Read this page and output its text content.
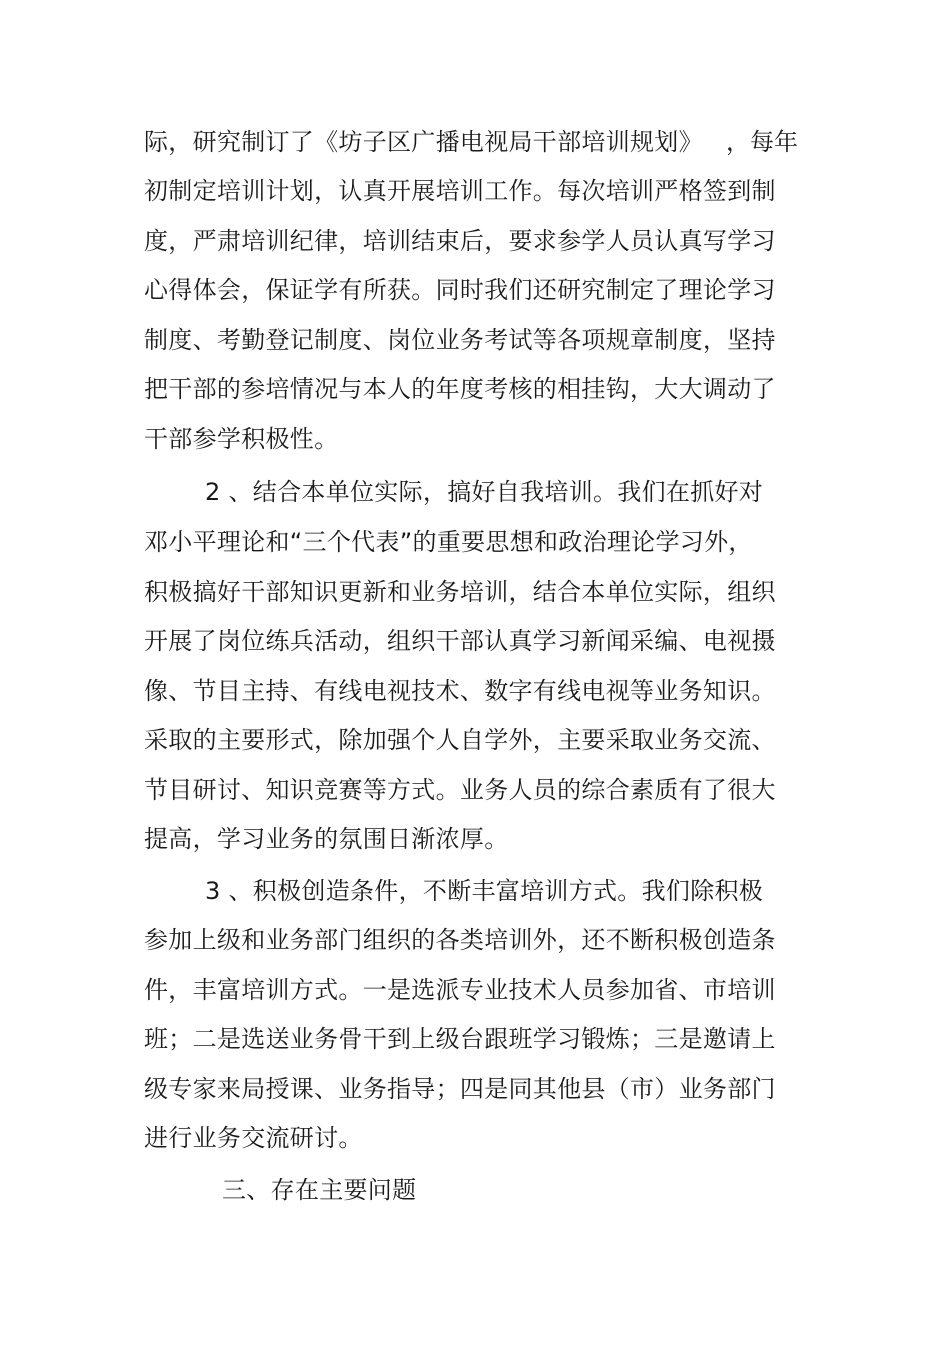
际，研究制订了《坊子区广播电视局干部培训规划》 ，每年
初制定培训计划，认真开展培训工作。每次培训严格签到制
度，严肃培训纪律，培训结束后，要求参学人员认真写学习
心得体会，保证学有所获。同时我们还研究制定了理论学习
制度、考勤登记制度、岗位业务考试等各项规章制度，坚持
把干部的参培情况与本人的年度考核的相挂钩，大大调动了
干部参学积极性。
2 、结合本单位实际，搞好自我培训。我们在抓好对
邓小平理论和“三个代表”的重要思想和政治理论学习外，
积极搞好干部知识更新和业务培训，结合本单位实际，组织
开展了岗位练兵活动，组织干部认真学习新闻采编、电视摄
像、节目主持、有线电视技术、数字有线电视等业务知识。
采取的主要形式，除加强个人自学外，主要采取业务交流、
节目研讨、知识竞赛等方式。业务人员的综合素质有了很大
提高，学习业务的氛围日渐浓厚。
3 、积极创造条件，不断丰富培训方式。我们除积极
参加上级和业务部门组织的各类培训外，还不断积极创造条
件，丰富培训方式。一是选派专业技术人员参加省、市培训
班；二是选送业务骨干到上级台跟班学习锻炼；三是邀请上
级专家来局授课、业务指导；四是同其他县（市）业务部门
进行业务交流研讨。
三、存在主要问题
